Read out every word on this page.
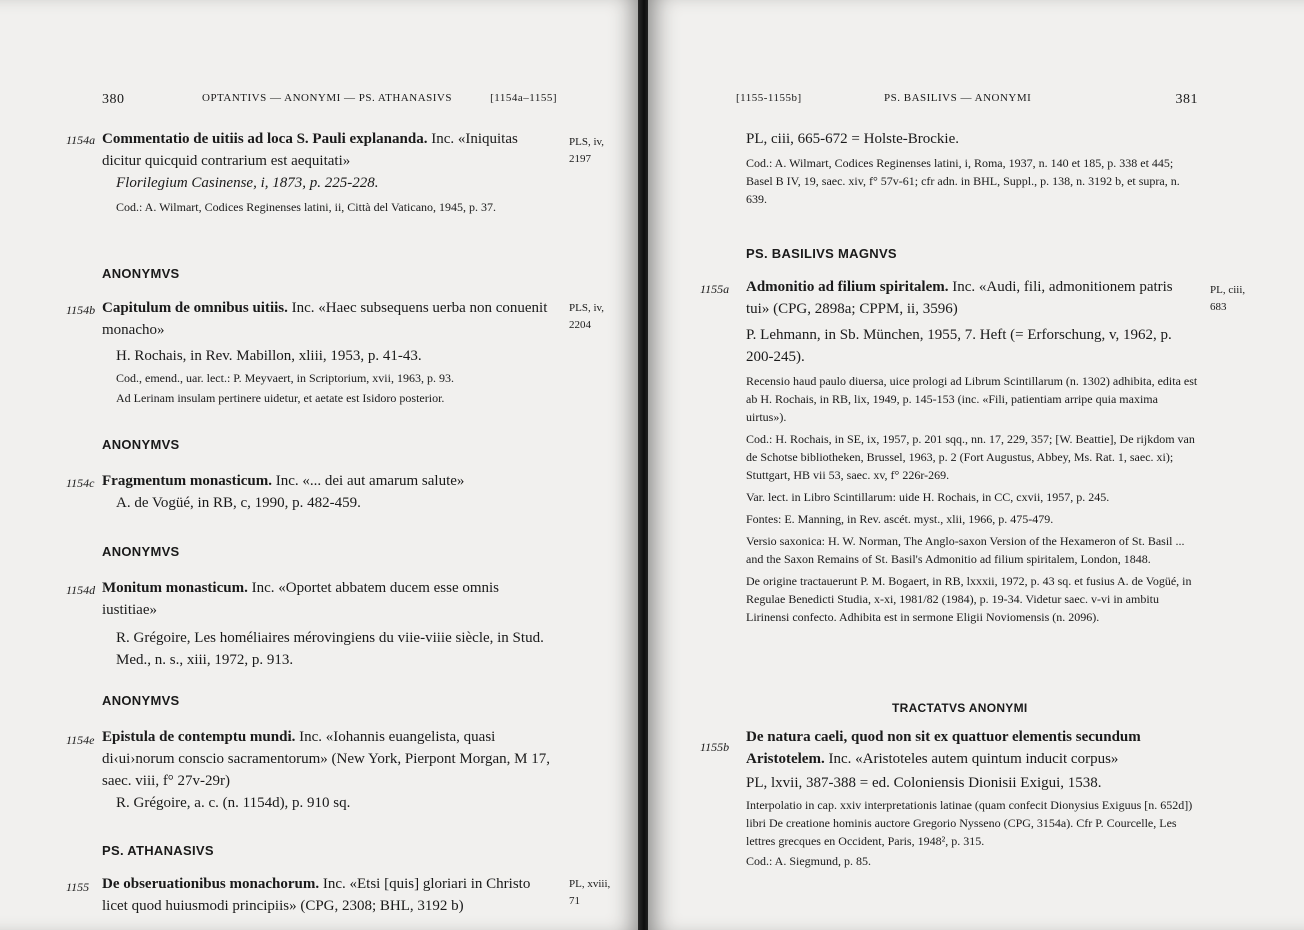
380	OPTANTIVS — ANONYMI — PS. ATHANASIVS	[1154a–1155]
1154a Commentatio de uitiis ad loca S. Pauli explananda. Inc. «Iniquitas dicitur quicquid contrarium est aequitati»
Florilegium Casinense, i, 1873, p. 225-228.
Cod.: A. Wilmart, Codices Reginenses latini, ii, Città del Vaticano, 1945, p. 37.
PLS, iv,
2197
ANONYMVS
1154b Capitulum de omnibus uitiis. Inc. «Haec subsequens uerba non conuenit monacho»

H. Rochais, in Rev. Mabillon, xliii, 1953, p. 41-43.
Cod., emend., uar. lect.: P. Meyvaert, in Scriptorium, xvii, 1963, p. 93.
Ad Lerinam insulam pertinere uidetur, et aetate est Isidoro posterior.
PLS, iv,
2204
ANONYMVS
1154c Fragmentum monasticum. Inc. «... dei aut amarum salute»
A. de Vogüé, in RB, c, 1990, p. 482-459.
ANONYMVS
1154d Monitum monasticum. Inc. «Oportet abbatem ducem esse omnis iustitiae»

R. Grégoire, Les homéliaires mérovingiens du viie-viiie siècle, in Stud. Med., n. s., xiii, 1972, p. 913.
ANONYMVS
1154e Epistula de contemptu mundi. Inc. «Iohannis euangelista, quasi di‹ui›norum conscio sacramentorum» (New York, Pierpont Morgan, M 17, saec. viii, f° 27v-29r)
R. Grégoire, a. c. (n. 1154d), p. 910 sq.
PS. ATHANASIVS
1155 De obseruationibus monachorum. Inc. «Etsi [quis] gloriari in Christo licet quod huiusmodi principiis» (CPG, 2308; BHL, 3192 b)
PL, xviii,
71
[1155-1155b]	PS. BASILIVS — ANONYMI	381
PL, ciii, 665-672 = Holste-Brockie.
Cod.: A. Wilmart, Codices Reginenses latini, i, Roma, 1937, n. 140 et 185, p. 338 et 445; Basel B IV, 19, saec. xiv, f° 57v-61; cfr adn. in BHL, Suppl., p. 138, n. 3192 b, et supra, n. 639.
PS. BASILIVS MAGNVS
1155a Admonitio ad filium spiritalem. Inc. «Audi, fili, admonitionem patris tui» (CPG, 2898a; CPPM, ii, 3596)
P. Lehmann, in Sb. München, 1955, 7. Heft (= Erforschung, v, 1962, p. 200-245).
Recensio haud paulo diuersa, uice prologi ad Librum Scintillarum (n. 1302) adhibita, edita est ab H. Rochais, in RB, lix, 1949, p. 145-153 (inc. «Fili, patientiam arripe quia maxima uirtus»).
Cod.: H. Rochais, in SE, ix, 1957, p. 201 sqq., nn. 17, 229, 357; [W. Beattie], De rijkdom van de Schotse bibliotheken, Brussel, 1963, p. 2 (Fort Augustus, Abbey, Ms. Rat. 1, saec. xi); Stuttgart, HB vii 53, saec. xv, f° 226r-269.
Var. lect. in Libro Scintillarum: uide H. Rochais, in CC, cxvii, 1957, p. 245.
Fontes: E. Manning, in Rev. ascét. myst., xlii, 1966, p. 475-479.
Versio saxonica: H. W. Norman, The Anglo-saxon Version of the Hexameron of St. Basil ... and the Saxon Remains of St. Basil's Admonitio ad filium spiritalem, London, 1848.
De origine tractauerunt P. M. Bogaert, in RB, lxxxii, 1972, p. 43 sq. et fusius A. de Vogüé, in Regulae Benedicti Studia, x-xi, 1981/82 (1984), p. 19-34. Videtur saec. v-vi in ambitu Lirinensi confecto. Adhibita est in sermone Eligii Noviomensis (n. 2096).
PL, ciii,
683
TRACTATVS ANONYMI
1155b
De natura caeli, quod non sit ex quattuor elementis secundum Aristotelem. Inc. «Aristoteles autem quintum inducit corpus»
PL, lxvii, 387-388 = ed. Coloniensis Dionisii Exigui, 1538.
Interpolatio in cap. xxiv interpretationis latinae (quam confecit Dionysius Exiguus [n. 652d]) libri De creatione hominis auctore Gregorio Nysseno (CPG, 3154a). Cfr P. Courcelle, Les lettres grecques en Occident, Paris, 1948², p. 315.
Cod.: A. Siegmund, p. 85.
